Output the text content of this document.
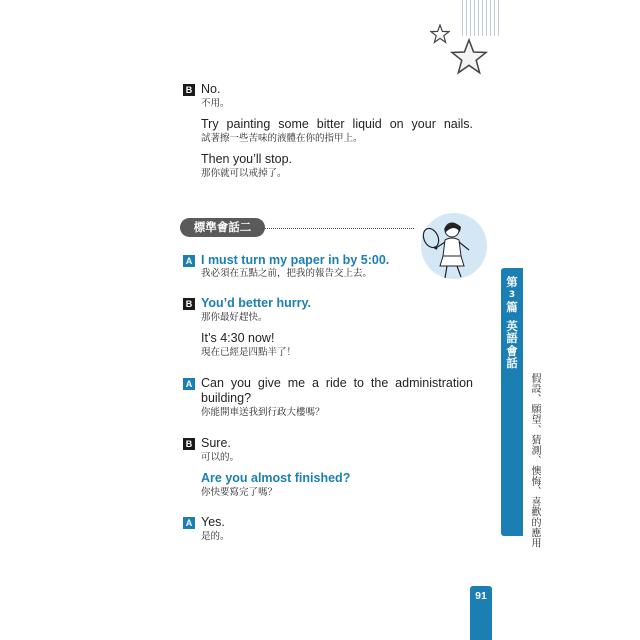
B No.

不用。

Try painting some bitter liquid on your nails.

試著擦一些苦味的液體在你的指甲上。

Then you’ll stop.

那你就可以戒掉了。

標準會話二
A I must turn my paper in by 5:00.

我必須在五點之前，把我的報告交上去。

B You’d better hurry.

那你最好趕快。

It’s 4:30 now!

現在已經是四點半了！

A Can you give me a ride to the administration

building?

你能開車送我到行政大樓嗎？

B Sure.

可以的。

Are you almost finished?

你快要寫完了嗎？

A Yes.

是的。

第
3
篇
英
語
會
話
假設、願望、猜測、懊悔、喜歡的應用
91
